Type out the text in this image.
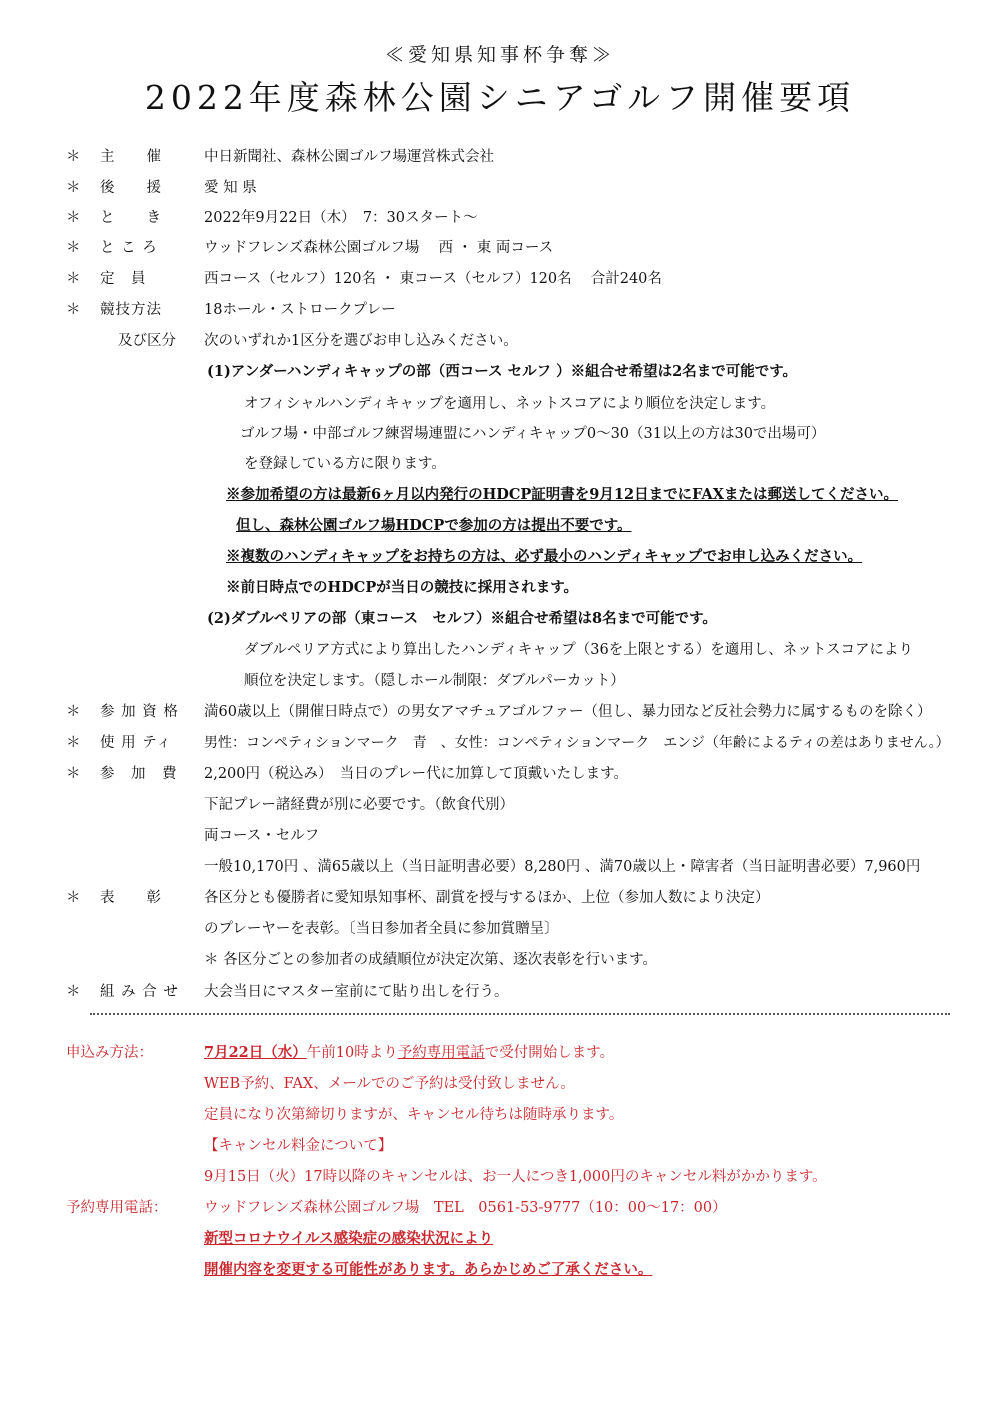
≪愛知県知事杯争奪≫
2022年度森林公園シニアゴルフ開催要項
＊ 主　　催	中日新聞社、森林公園ゴルフ場運営株式会社
＊ 後　　援	愛 知 県
＊ と　　き	2022年9月22日（木）　7：30スタート〜
＊ と こ ろ	ウッドフレンズ森林公園ゴルフ場　 西 ・ 東 両コース
＊ 定　員	西コース（セルフ）120名 ・ 東コース（セルフ）120名　 合計240名
＊ 競技方法	18ホール・ストロークプレー
及び区分 次のいずれか1区分を選びお申し込みください。
(1)アンダーハンディキャップの部（西コース セルフ ）※組合せ希望は2名まで可能です。
オフィシャルハンディキャップを適用し、ネットスコアにより順位を決定します。
ゴルフ場・中部ゴルフ練習場連盟にハンディキャップ0〜30（31以上の方は30で出場可）
を登録している方に限ります。
※参加希望の方は最新6ヶ月以内発行のHDCP証明書を9月12日までにFAXまたは郵送してください。
但し、森林公園ゴルフ場HDCPで参加の方は提出不要です。
※複数のハンディキャップをお持ちの方は、必ず最小のハンディキャップでお申し込みください。
※前日時点でのHDCPが当日の競技に採用されます。
(2)ダブルペリアの部（東コース　セルフ）※組合せ希望は8名まで可能です。
ダブルペリア方式により算出したハンディキャップ（36を上限とする）を適用し、ネットスコアにより
順位を決定します。（隠しホール制限：ダブルパーカット）
＊ 参 加 資 格 満60歳以上（開催日時点で）の男女アマチュアゴルファー（但し、暴力団など反社会勢力に属するものを除く）
＊ 使 用 ティ 男性：コンペティションマーク　青　、女性：コンペティションマーク　エンジ（年齢によるティの差はありません。）
＊ 参　加　費 2,200円（税込み）　当日のプレー代に加算して頂戴いたします。
下記プレー諸経費が別に必要です。（飲食代別）
両コース・セルフ
一般10,170円 、満65歳以上（当日証明書必要）8,280円 、満70歳以上・障害者（当日証明書必要）7,960円
＊ 表　　彰	各区分とも優勝者に愛知県知事杯、副賞を授与するほか、上位（参加人数により決定）
のプレーヤーを表彰。〔当日参加者全員に参加賞贈呈〕
＊ 各区分ごとの参加者の成績順位が決定次第、逐次表彰を行います。
＊ 組 み 合 せ 大会当日にマスター室前にて貼り出しを行う。
申込み方法：	7月22日（水）午前10時より予約専用電話で受付開始します。
WEB予約、FAX、メールでのご予約は受付致しません。
定員になり次第締切りますが、キャンセル待ちは随時承ります。
【キャンセル料金について】
9月15日（火）17時以降のキャンセルは、お一人につき1,000円のキャンセル料がかかります。
予約専用電話：	ウッドフレンズ森林公園ゴルフ場　TEL　0561-53-9777（10：00〜17：00）
新型コロナウイルス感染症の感染状況により
開催内容を変更する可能性があります。あらかじめご了承ください。
